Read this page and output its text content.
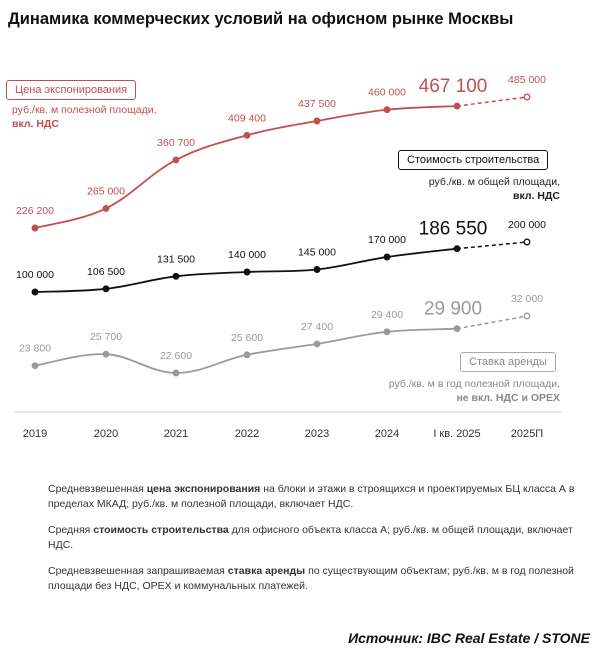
Динамика коммерческих условий на офисном рынке Москвы
226 200
265 000
360 700
409 400
437 500
460 000 467 100 485 000
100 000	106 500
131 500	140 000	145 000
170 000
186 550 200 000
23 800
25 700
22 600
25 600
27 400
29 400 29 900	32 000
2019	2020	2021	2022	2023	2024	I кв. 2025	2025П
Цена экспонирования
руб./кв. м полезной площади, вкл. НДС
Стоимость строительства
руб./кв. м общей площади, вкл. НДС
Ставка аренды
руб./кв. м в год полезной площади, не вкл. НДС и OPEX

Средневзвешенная цена экспонирования на блоки и этажи в строящихся и проектируемых БЦ класса А в пределах МКАД; руб./кв. м полезной площади, включает НДС.

Средняя стоимость строительства для офисного объекта класса А; руб./кв. м общей площади, включает НДС.

Средневзвешенная запрашиваемая ставка аренды по существующим объектам; руб./кв. м в год полезной площади без НДС, OPEX и коммунальных платежей.

Источник: IBC Real Estate / STONE
